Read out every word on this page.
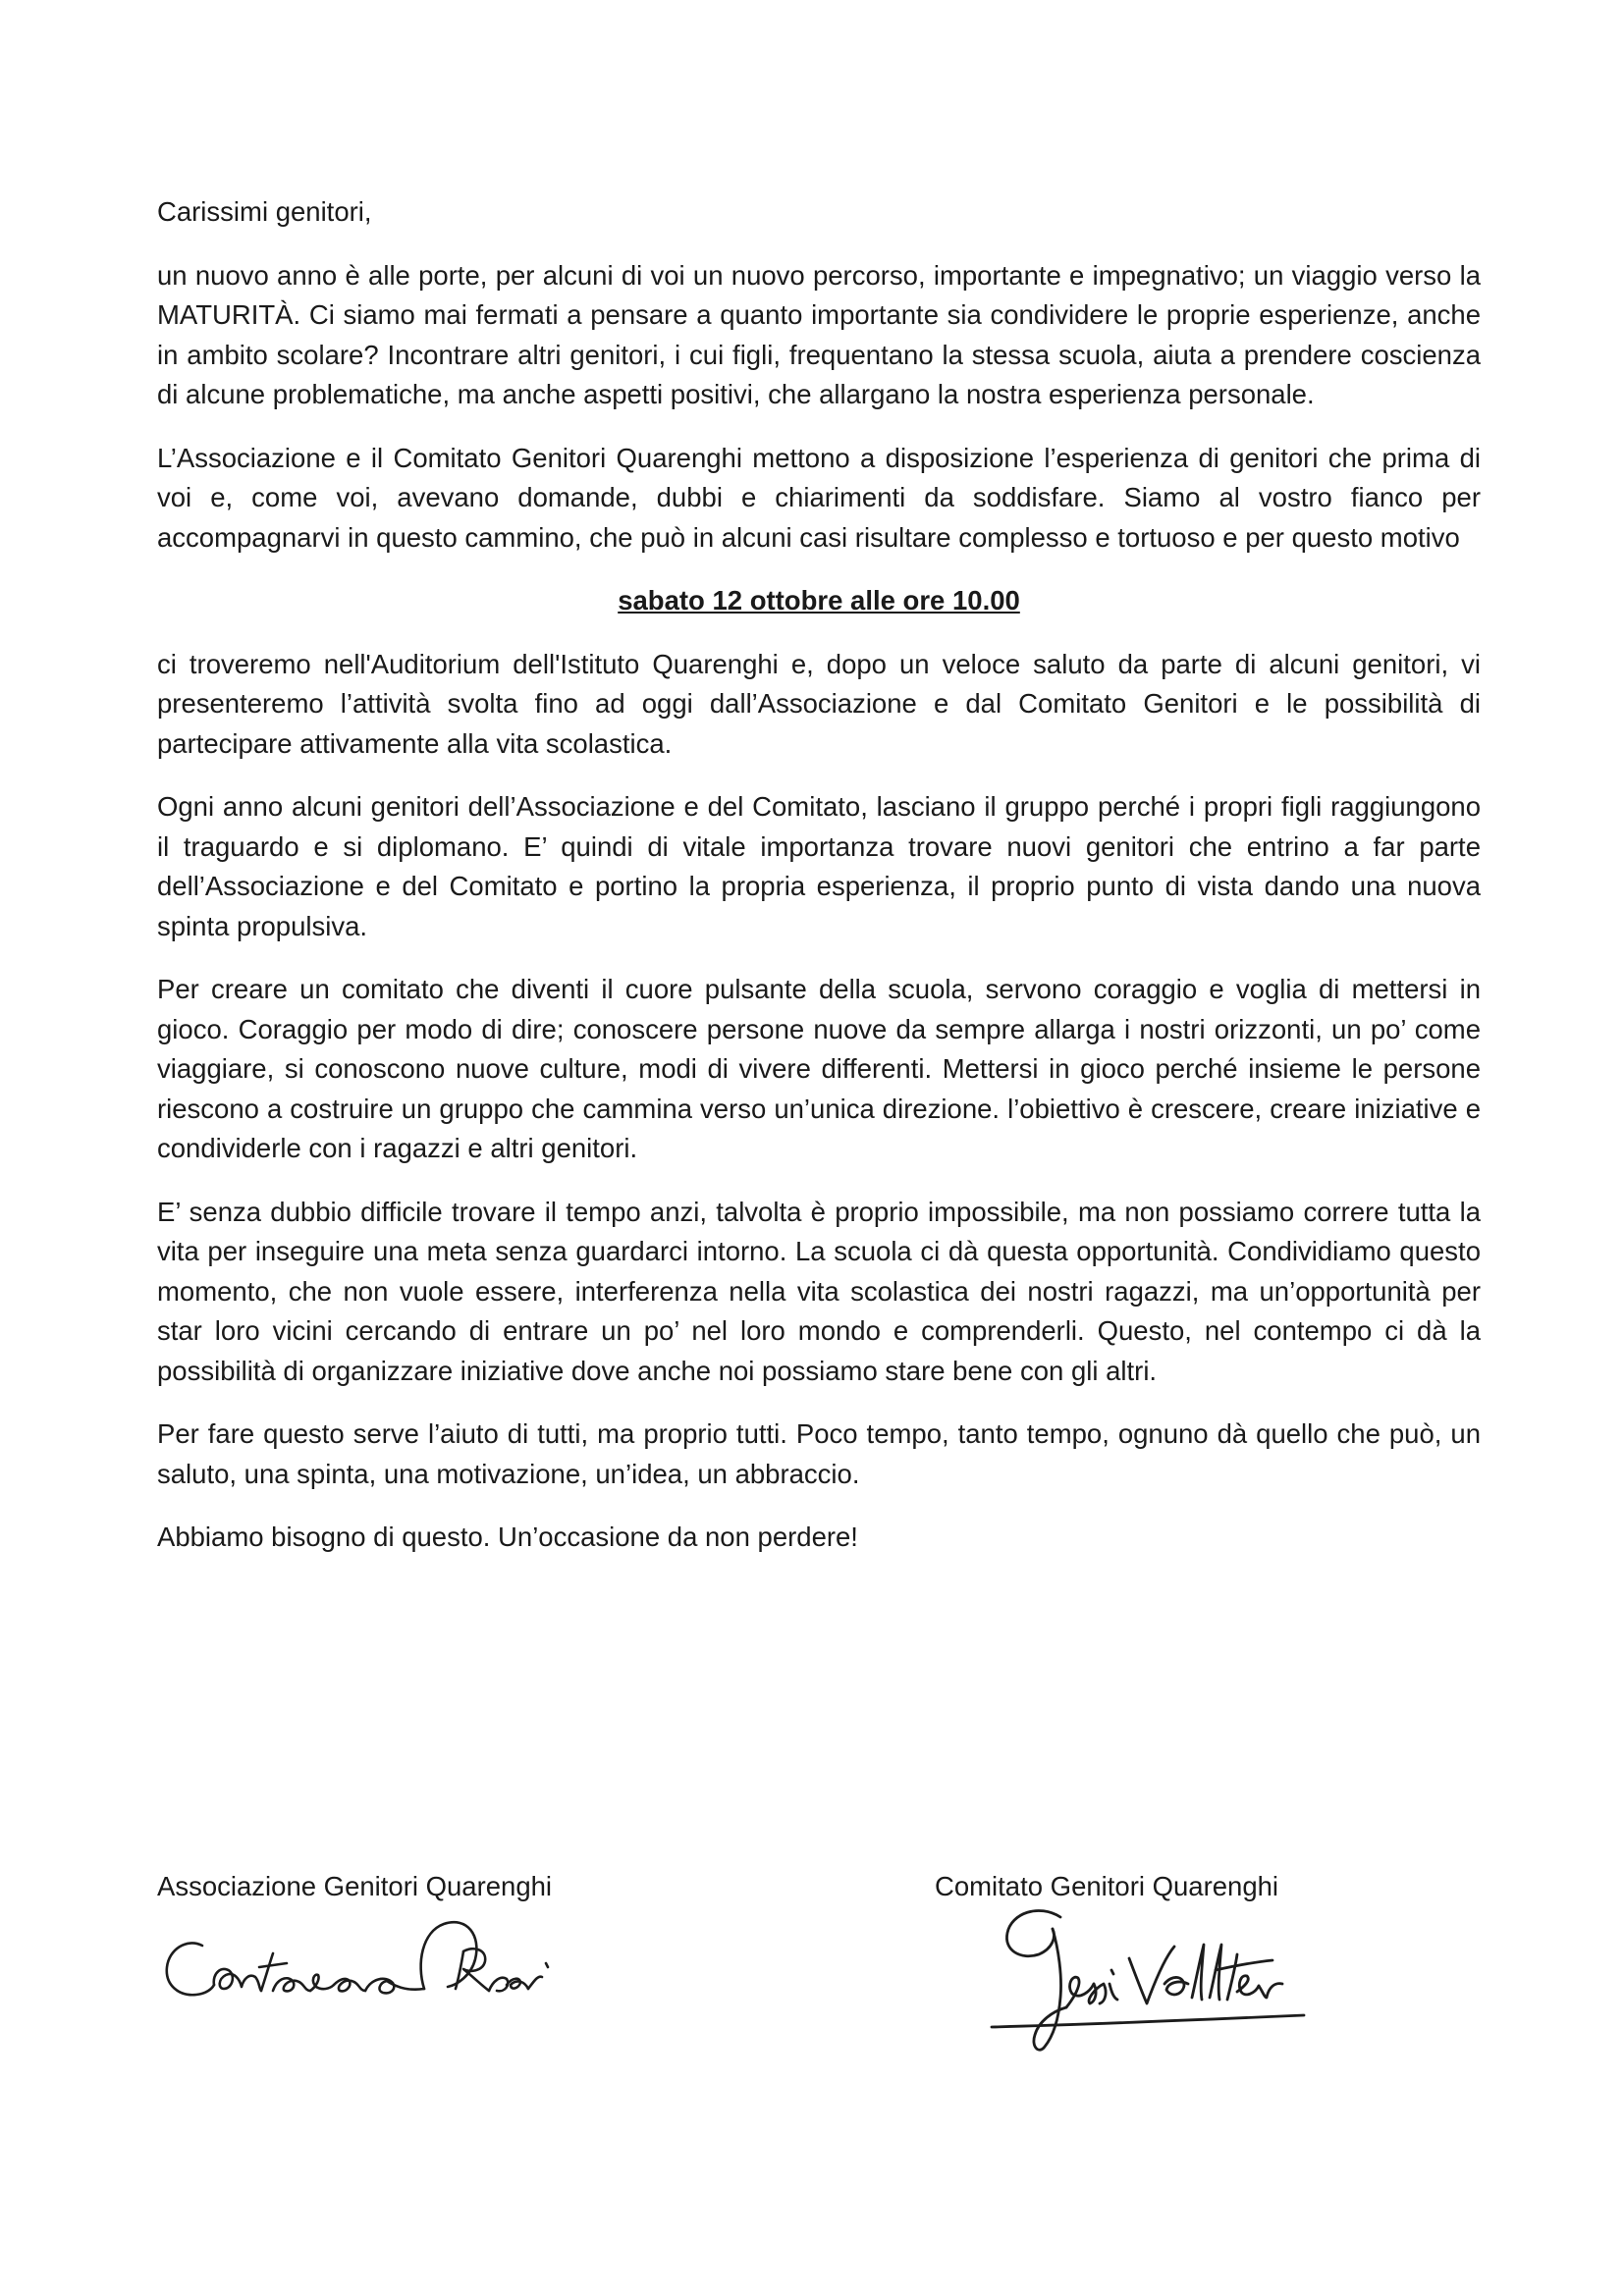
Carissimi genitori,

un nuovo anno è alle porte, per alcuni di voi un nuovo percorso, importante e impegnativo; un viaggio verso la MATURITÀ. Ci siamo mai fermati a pensare a quanto importante sia condividere le proprie esperienze, anche in ambito scolare? Incontrare altri genitori, i cui figli, frequentano la stessa scuola, aiuta a prendere coscienza di alcune problematiche, ma anche aspetti positivi, che allargano la nostra esperienza personale.

L’Associazione e il Comitato Genitori Quarenghi mettono a disposizione l’esperienza di genitori che prima di voi e, come voi, avevano domande, dubbi e chiarimenti da soddisfare. Siamo al vostro fianco per accompagnarvi in questo cammino, che può in alcuni casi risultare complesso e tortuoso e per questo motivo

sabato 12 ottobre alle ore 10.00

ci troveremo nell'Auditorium dell'Istituto Quarenghi e, dopo un veloce saluto da parte di alcuni genitori, vi presenteremo l’attività svolta fino ad oggi dall’Associazione e dal Comitato Genitori e le possibilità di partecipare attivamente alla vita scolastica.

Ogni anno alcuni genitori dell’Associazione e del Comitato, lasciano il gruppo perché i propri figli raggiungono il traguardo e si diplomano. E’ quindi di vitale importanza trovare nuovi genitori che entrino a far parte dell’Associazione e del Comitato e portino la propria esperienza, il proprio punto di vista dando una nuova spinta propulsiva.

Per creare un comitato che diventi il cuore pulsante della scuola, servono coraggio e voglia di mettersi in gioco. Coraggio per modo di dire; conoscere persone nuove da sempre allarga i nostri orizzonti, un po’ come viaggiare, si conoscono nuove culture, modi di vivere differenti. Mettersi in gioco perché insieme le persone riescono a costruire un gruppo che cammina verso un’unica direzione. l’obiettivo è crescere, creare iniziative e condividerle con i ragazzi e altri genitori.

E’ senza dubbio difficile trovare il tempo anzi, talvolta è proprio impossibile, ma non possiamo correre tutta la vita per inseguire una meta senza guardarci intorno. La scuola ci dà questa opportunità. Condividiamo questo momento, che non vuole essere, interferenza nella vita scolastica dei nostri ragazzi, ma un’opportunità per star loro vicini cercando di entrare un po’ nel loro mondo e comprenderli. Questo, nel contempo ci dà la possibilità di organizzare iniziative dove anche noi possiamo stare bene con gli altri.

Per fare questo serve l’aiuto di tutti, ma proprio tutti. Poco tempo, tanto tempo, ognuno dà quello che può, un saluto, una spinta, una motivazione, un’idea, un abbraccio.

Abbiamo bisogno di questo. Un’occasione da non perdere!

Associazione Genitori Quarenghi	Comitato Genitori Quarenghi
